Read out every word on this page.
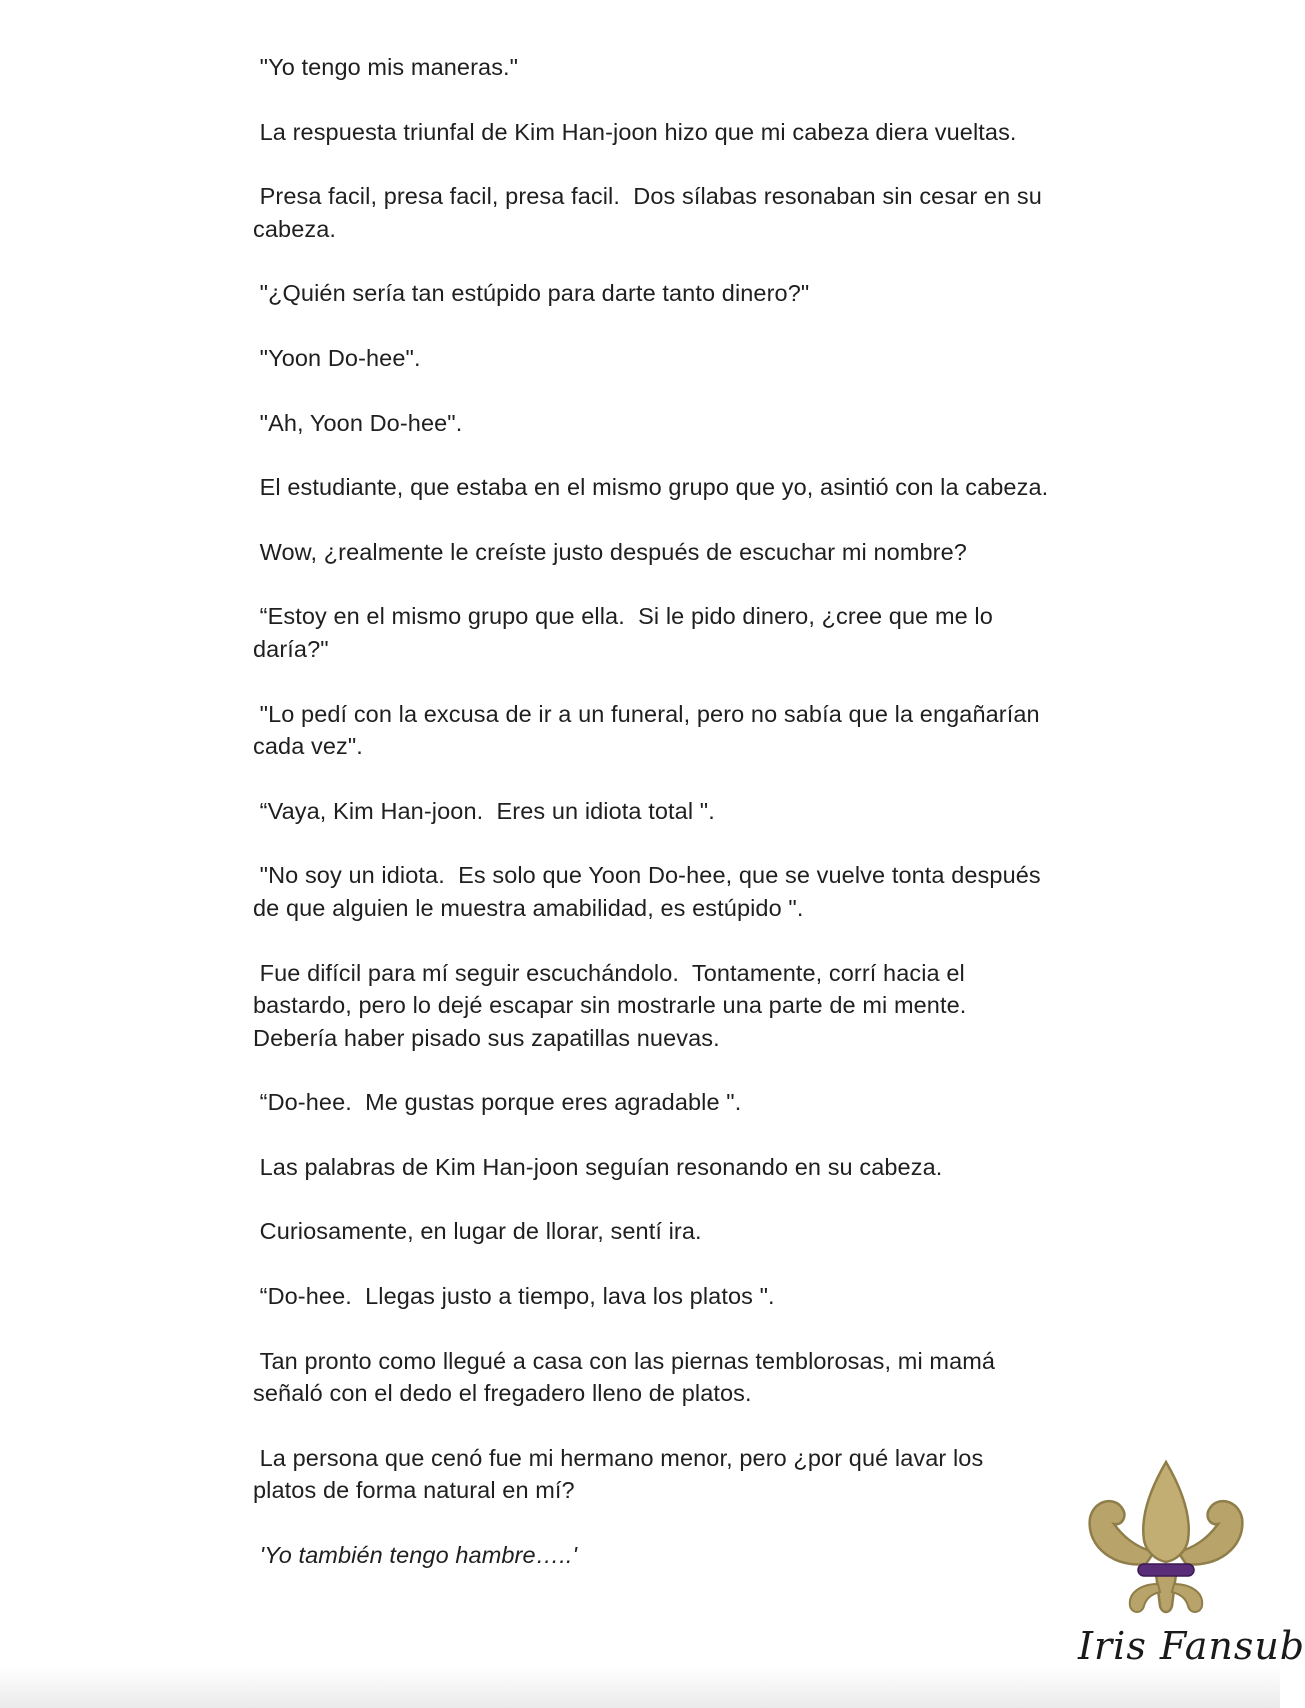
"Yo tengo mis maneras."

La respuesta triunfal de Kim Han-joon hizo que mi cabeza diera vueltas.

Presa facil, presa facil, presa facil.  Dos sílabas resonaban sin cesar en su cabeza.

"¿Quién sería tan estúpido para darte tanto dinero?"

"Yoon Do-hee".

"Ah, Yoon Do-hee".

El estudiante, que estaba en el mismo grupo que yo, asintió con la cabeza.

Wow, ¿realmente le creíste justo después de escuchar mi nombre?

“Estoy en el mismo grupo que ella.  Si le pido dinero, ¿cree que me lo daría?"

"Lo pedí con la excusa de ir a un funeral, pero no sabía que la engañarían cada vez".

“Vaya, Kim Han-joon.  Eres un idiota total ".

"No soy un idiota.  Es solo que Yoon Do-hee, que se vuelve tonta después de que alguien le muestra amabilidad, es estúpido ".

Fue difícil para mí seguir escuchándolo.  Tontamente, corrí hacia el bastardo, pero lo dejé escapar sin mostrarle una parte de mi mente. Debería haber pisado sus zapatillas nuevas.

“Do-hee.  Me gustas porque eres agradable ".

Las palabras de Kim Han-joon seguían resonando en su cabeza.

Curiosamente, en lugar de llorar, sentí ira.

“Do-hee.  Llegas justo a tiempo, lava los platos ".

Tan pronto como llegué a casa con las piernas temblorosas, mi mamá señaló con el dedo el fregadero lleno de platos.

La persona que cenó fue mi hermano menor, pero ¿por qué lavar los platos de forma natural en mí?

'Yo también tengo hambre…..'

Iris Fansub
